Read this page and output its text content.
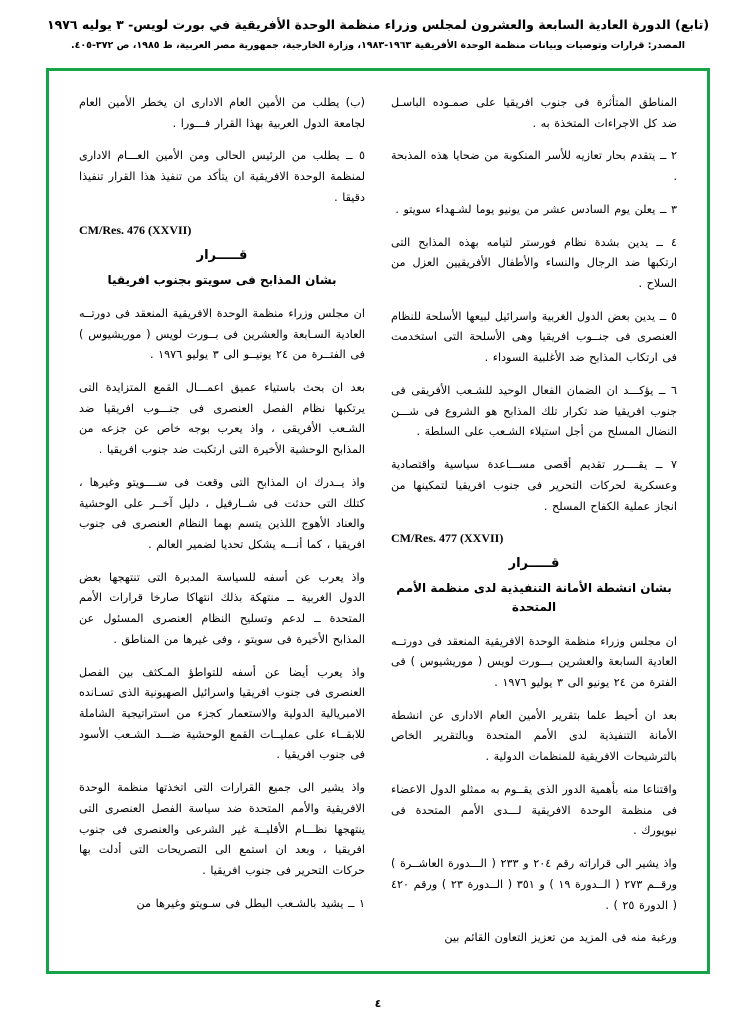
(تابع) الدورة العادية السابعة والعشرون لمجلس وزراء منظمة الوحدة الأفريقية في بورت لويس- ٣ يوليه ١٩٧٦
المصدر: قرارات وتوصيات وبيانات منظمة الوحدة الأفريقية ١٩٦٣-١٩٨٣، وزارة الخارجية، جمهورية مصر العربية، ط ١٩٨٥، ص ٣٧٢-٤٠٥.

المناطق المتأثرة فى جنوب افريقيا على صمـوده الباسـل ضد كل الاجراءات المتخذة به .

٢ ــ يتقدم بحار تعازيه للأسر المنكوبة من ضحايا هذه المذبحة .

٣ ــ يعلن يوم السادس عشر من يونيو يوما لشـهداء سويتو .

٤ ــ يدين بشدة نظام فورستر لتيامه بهذه المذابح التى ارتكبها ضد الرجال والنساء والأطفال الأفريقيين العزل من السلاح .

٥ ــ يدين بعض الدول الغربية واسرائيل لبيعها الأسلحة للنظام العنصرى فى جنــوب افريقيا وهى الأسلحة التى استخدمت فى ارتكاب المذابح ضد الأغلبية السوداء .

٦ ــ يؤكـــد ان الضمان الفعال الوحيد للشـعب الأفريقى فى جنوب افريقيا ضد تكرار تلك المذابح هو الشروع فى شـــن النضال المسلح من أجل استيلاء الشـعب على السلطة .

٧ ــ يقــــرر تقديم أقصى مســـاعدة سياسية واقتصادية وعسكرية لحركات التحرير فى جنوب افريقيا لتمكينها من انجاز عملية الكفاح المسلح .

CM/Res. 477 (XXVII)
قـــــرار
بشان انشطة الأمانة التنفيذية لدى منظمة الأمم المتحدة

ان مجلس وزراء منظمة الوحدة الافريقية المنعقد فى دورتــه العادية السابعة والعشرين بـــورت لويس ( موريشيوس ) فى الفترة من ٢٤ يونيو الى ٣ يوليو ١٩٧٦ .

بعد ان أحيط علما بتقرير الأمين العام الادارى عن انشطة الأمانة التنفيذية لدى الأمم المتحدة وبالتقرير الخاص بالترشيحات الافريقية للمنظمات الدولية .

واقتناعا منه بأهمية الدور الذى يقــوم به ممثلو الدول الاعضاء فى منظمة الوحدة الافريقية لـــدى الأمم المتحدة فى نيويورك .

واذ يشير الى قراراته رقم ٢٠٤ و ٢٣٣ ( الـــدورة العاشــرة ) ورقــم ٢٧٣ ( الــدورة ١٩ ) و ٣٥١ ( الــدورة ٢٣ ) ورقم ٤٢٠ ( الدورة ٢٥ ) .

ورغبة منه فى المزيد من تعزيز التعاون القائم بين

(ب) يطلب من الأمين العام الادارى ان يخطر الأمين العام لجامعة الدول العربية بهذا القرار فـــورا .

٥ ــ يطلب من الرئيس الحالى ومن الأمين العـــام الادارى لمنظمة الوحدة الافريقية ان يتأكد من تنفيذ هذا القرار تنفيذا دقيقا .

CM/Res. 476 (XXVII)
قـــــرار
بشان المذابح فى سويتو بجنوب افريقيا

ان مجلس وزراء منظمة الوحدة الافريقية المنعقد فى دورتــه العادية السـابعة والعشرين فى بــورت لويس ( موريشيوس ) فى الفتــرة من ٢٤ يونيــو الى ٣ يوليو ١٩٧٦ .

بعد ان بحث باستياء عميق اعمـــال القمع المتزايدة التى يرتكبها نظام الفصل العنصرى فى جنـــوب افريقيا ضد الشـعب الأفريقى ، واذ يعرب بوجه خاص عن جزعه من المذابح الوحشية الأخيرة التى ارتكبت ضد جنوب افريقيا .

واذ يــدرك ان المذابح التى وقعت فى ســــويتو وغيرها ، كتلك التى حدثت فى شــارفيل ، دليل آخــر على الوحشية والعناد الأهوج اللذين يتسم بهما النظام العنصرى فى جنوب افريقيا ، كما أنـــه يشكل تحديا لضمير العالم .

واذ يعرب عن أسفه للسياسة المدبرة التى تنتهجها بعض الدول الغربية ــ منتهكة بذلك انتهاكا صارخا قرارات الأمم المتحدة ــ لدعم وتسليح النظام العنصرى المسئول عن المذابح الأخيرة فى سويتو ، وفى غيرها من المناطق .

واذ يعرب أيضا عن أسفه للتواطؤ المـكثف بين الفصل العنصرى فى جنوب افريقيا واسرائيل الصهيونية الذى تسـانده الامبريالية الدولية والاستعمار كجزء من استراتيجية الشاملة للابقــاء على عمليــات القمع الوحشية ضـــد الشـعب الأسود فى جنوب افريقيا .

واذ يشير الى جميع القرارات التى اتخذتها منظمة الوحدة الافريقية والأمم المتحدة ضد سياسة الفصل العنصرى التى ينتهجها نظـــام الأقليــة غير الشرعى والعنصرى فى جنوب افريقيا ، وبعد ان استمع الى التصريحات التى أدلت بها حركات التحرير فى جنوب افريقيا .

١ ــ يشيد بالشـعب البطل فى سـويتو وغيرها من

٤
